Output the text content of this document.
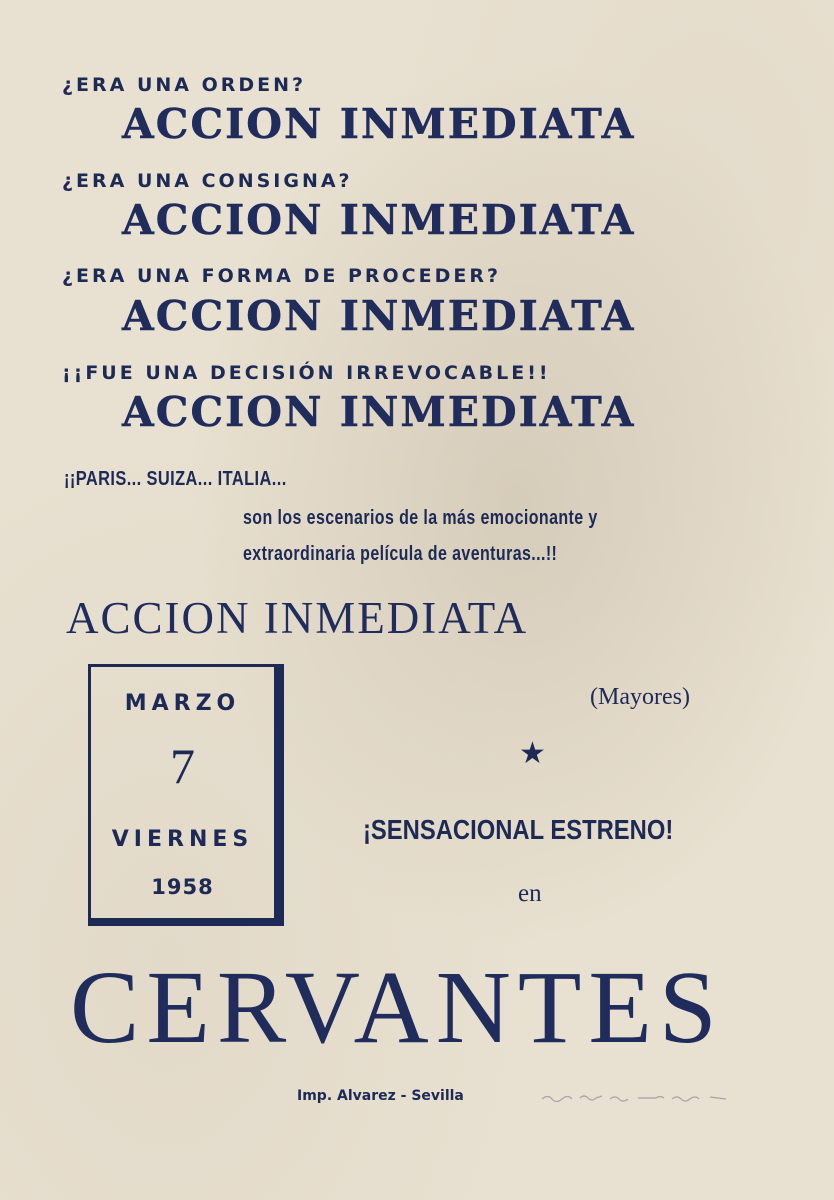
¿ERA UNA ORDEN?
ACCION INMEDIATA
¿ERA UNA CONSIGNA?
ACCION INMEDIATA
¿ERA UNA FORMA DE PROCEDER?
ACCION INMEDIATA
¡¡FUE UNA DECISIÓN IRREVOCABLE!!
ACCION INMEDIATA
¡¡PARIS... SUIZA... ITALIA...
son los escenarios de la más emocionante y
extraordinaria película de aventuras...!!
ACCION INMEDIATA
MARZO
7
VIERNES
1958
(Mayores)
★
¡SENSACIONAL ESTRENO!
en
CERVANTES
Imp. Alvarez - Sevilla
